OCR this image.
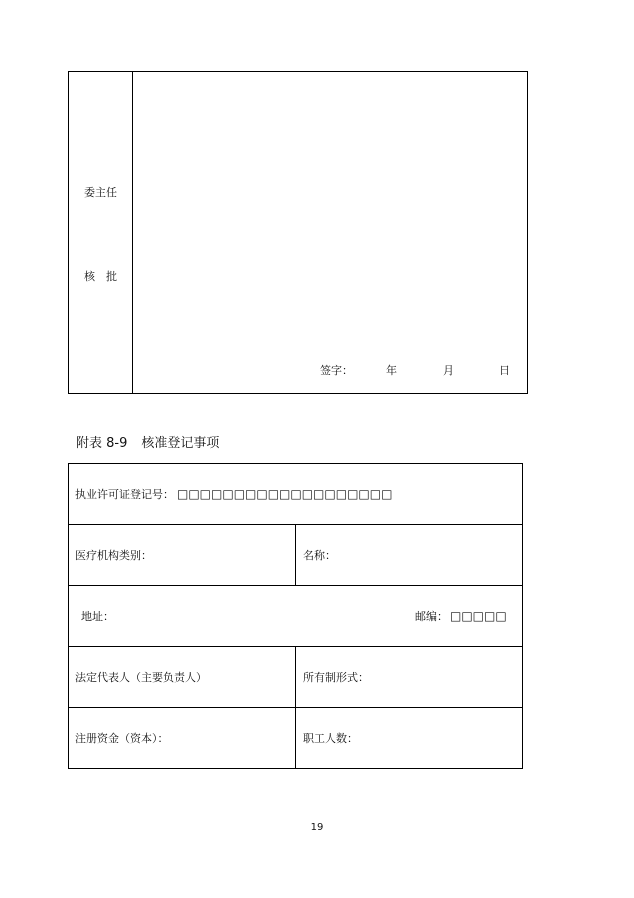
委主任
核　批
签字：	年	月	日
附表 8-9 核准登记事项
执业许可证登记号： □□□□□□□□□□□□□□□□□□□
医疗机构类别：	名称：
地址：	邮编： □□□□□
法定代表人（主要负责人）	所有制形式：
注册资金（资本）：	职工人数：
19
